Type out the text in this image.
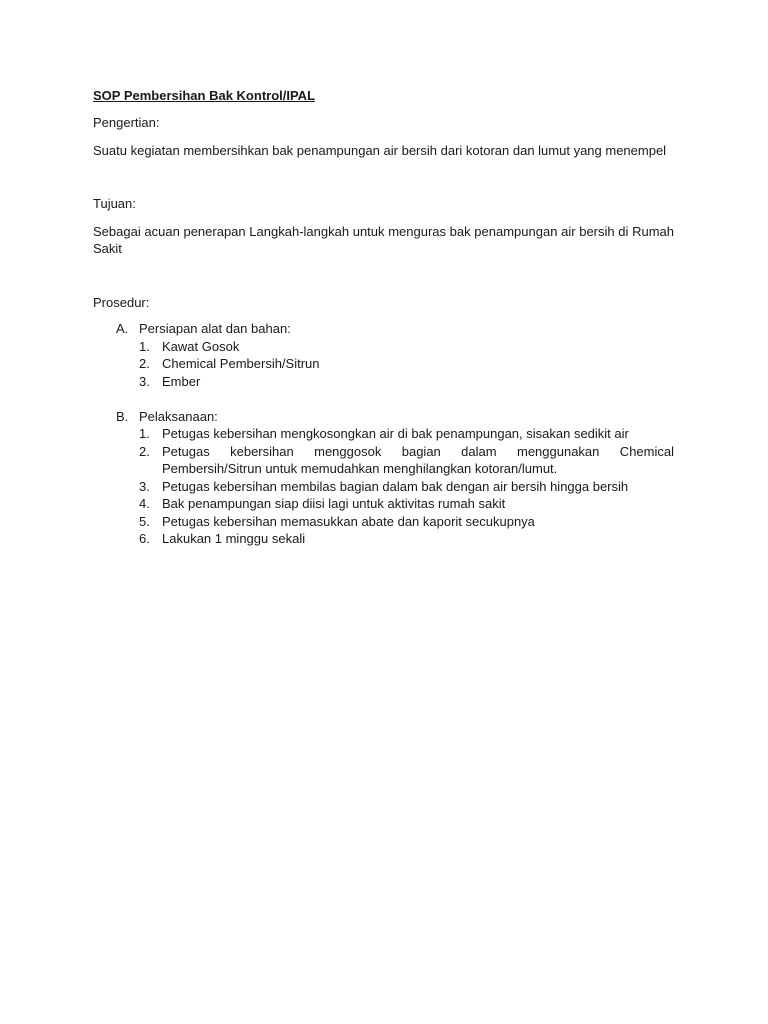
SOP Pembersihan Bak Kontrol/IPAL

Pengertian:

Suatu kegiatan membersihkan bak penampungan air bersih dari kotoran dan lumut yang menempel

Tujuan:

Sebagai acuan penerapan Langkah-langkah untuk menguras bak penampungan air bersih di Rumah Sakit

Prosedur:

A. Persiapan alat dan bahan:
1. Kawat Gosok
2. Chemical Pembersih/Sitrun
3. Ember
B. Pelaksanaan:
1. Petugas kebersihan mengkosongkan air di bak penampungan, sisakan sedikit air
2. Petugas kebersihan menggosok bagian dalam menggunakan Chemical Pembersih/Sitrun untuk memudahkan menghilangkan kotoran/lumut.
3. Petugas kebersihan membilas bagian dalam bak dengan air bersih hingga bersih
4. Bak penampungan siap diisi lagi untuk aktivitas rumah sakit
5. Petugas kebersihan memasukkan abate dan kaporit secukupnya
6. Lakukan 1 minggu sekali
